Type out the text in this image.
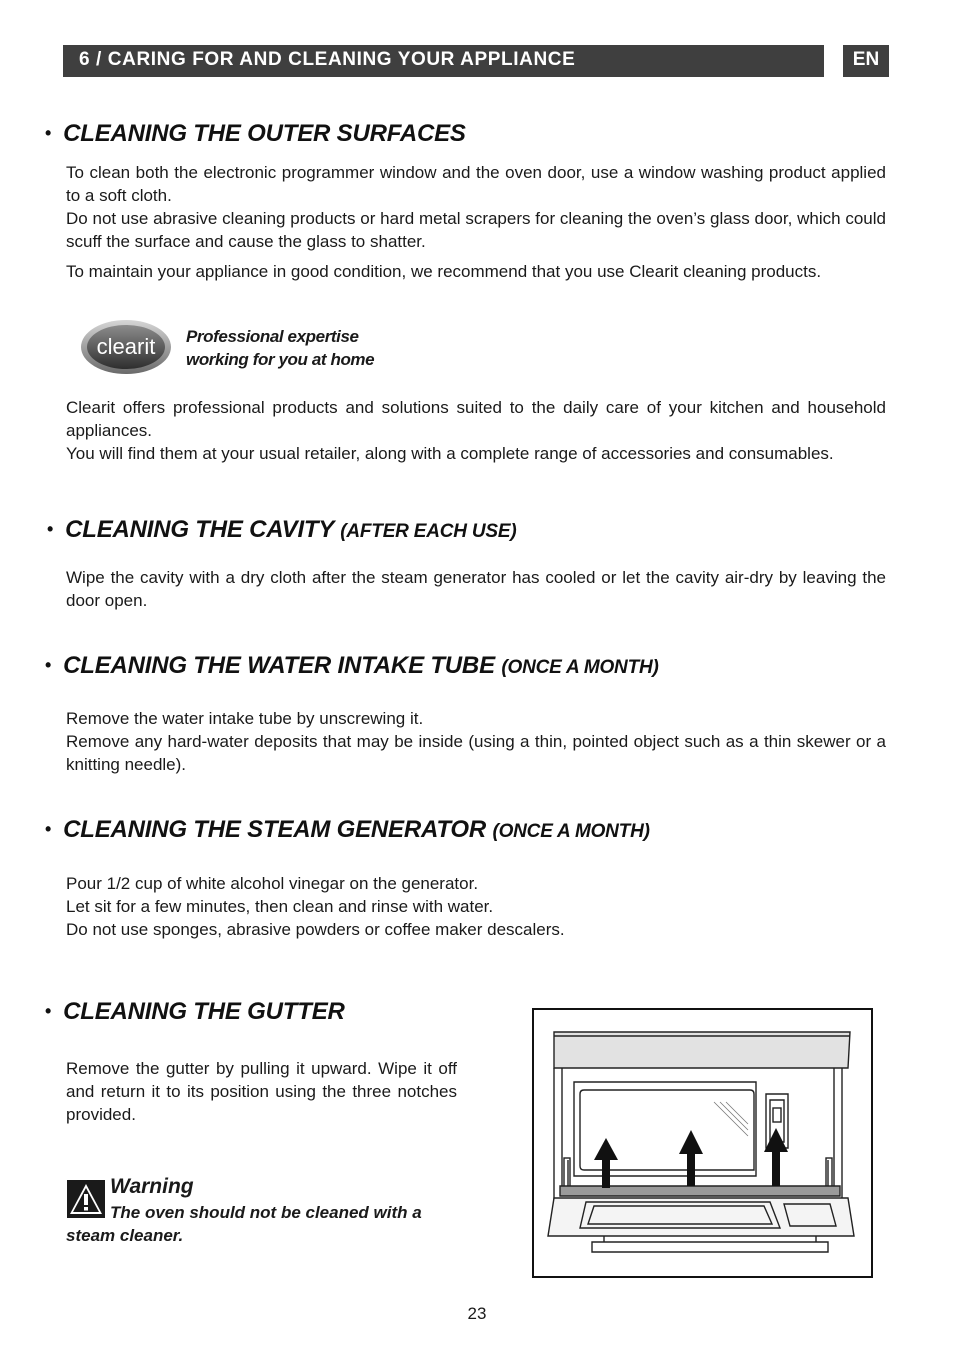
6 / CARING FOR AND CLEANING YOUR APPLIANCE	EN
• CLEANING THE OUTER SURFACES

To clean both the electronic programmer window and the oven door, use a window washing product applied to a soft cloth.
Do not use abrasive cleaning products or hard metal scrapers for cleaning the oven’s glass door, which could scuff the surface and cause the glass to shatter.

To maintain your appliance in good condition, we recommend that you use Clearit cleaning products.

clearit Professional expertise
working for you at home

Clearit offers professional products and solutions suited to the daily care of your kitchen and household appliances.
You will find them at your usual retailer, along with a complete range of accessories and consumables.

• CLEANING THE CAVITY (AFTER EACH USE)

Wipe the cavity with a dry cloth after the steam generator has cooled or let the cavity air-dry by leaving the door open.

• CLEANING THE WATER INTAKE TUBE (ONCE A MONTH)

Remove the water intake tube by unscrewing it.
Remove any hard-water deposits that may be inside (using a thin, pointed object such as a thin skewer or a knitting needle).

• CLEANING THE STEAM GENERATOR (ONCE A MONTH)

Pour 1/2 cup of white alcohol vinegar on the generator.
Let sit for a few minutes, then clean and rinse with water.
Do not use sponges, abrasive powders or coffee maker descalers.

• CLEANING THE GUTTER

Remove the gutter by pulling it upward. Wipe it off and return it to its position using the three notches provided.

Warning
The oven should not be cleaned with a steam cleaner.
23
